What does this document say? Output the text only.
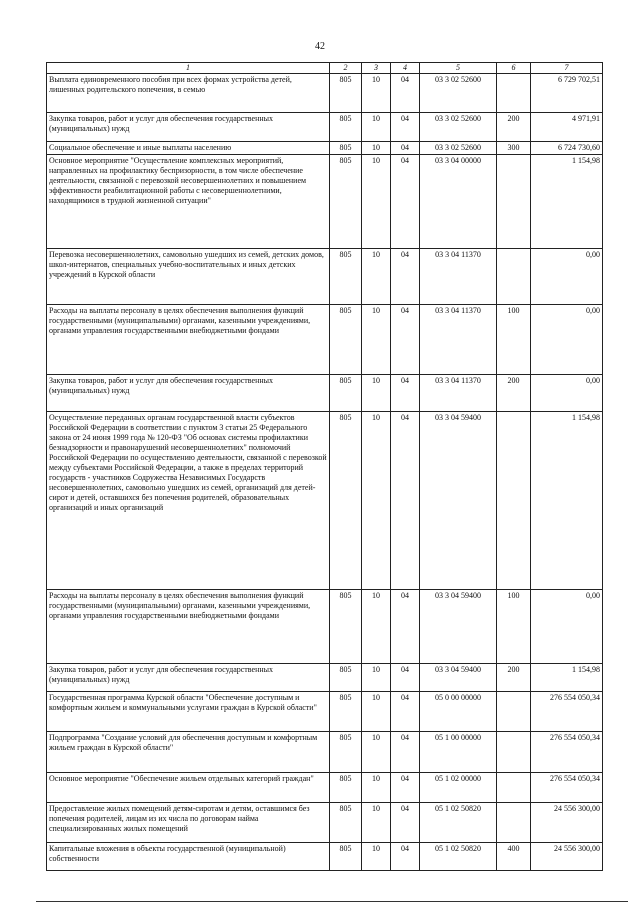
42
1	2	3	4	5	6	7
Выплата единовременного пособия при всех формах устройства детей, лишенных родительского попечения, в семью	805	10	04	03 3 02 52600		6 729 702,51
Закупка товаров, работ и услуг для обеспечения государственных (муниципальных) нужд	805	10	04	03 3 02 52600	200	4 971,91
Социальное обеспечение и иные выплаты населению	805	10	04	03 3 02 52600	300	6 724 730,60
Основное мероприятие "Осуществление комплексных мероприятий, направленных на профилактику беспризорности, в том числе обеспечение деятельности, связанной с перевозкой несовершеннолетних и повышением эффективности реабилитационной работы с несовершеннолетними, находящимися в трудной жизненной ситуации"	805	10	04	03 3 04 00000		1 154,98
Перевозка несовершеннолетних, самовольно ушедших из семей, детских домов, школ-интернатов, специальных учебно-воспитательных и иных детских учреждений в Курской области	805	10	04	03 3 04 11370		0,00
Расходы на выплаты персоналу в целях обеспечения выполнения функций государственными (муниципальными) органами, казенными учреждениями, органами управления государственными внебюджетными фондами	805	10	04	03 3 04 11370	100	0,00
Закупка товаров, работ и услуг для обеспечения государственных (муниципальных) нужд	805	10	04	03 3 04 11370	200	0,00
Осуществление переданных органам государственной власти субъектов Российской Федерации в соответствии с пунктом 3 статьи 25 Федерального закона от 24 июня 1999 года № 120-ФЗ "Об основах системы профилактики безнадзорности и правонарушений несовершеннолетних" полномочий Российской Федерации по осуществлению деятельности, связанной с перевозкой между субъектами Российской Федерации, а также в пределах территорий государств - участников Содружества Независимых Государств несовершеннолетних, самовольно ушедших из семей, организаций для детей-сирот и детей, оставшихся без попечения родителей, образовательных организаций и иных организаций	805	10	04	03 3 04 59400		1 154,98
Расходы на выплаты персоналу в целях обеспечения выполнения функций государственными (муниципальными) органами, казенными учреждениями, органами управления государственными внебюджетными фондами	805	10	04	03 3 04 59400	100	0,00
Закупка товаров, работ и услуг для обеспечения государственных (муниципальных) нужд	805	10	04	03 3 04 59400	200	1 154,98
Государственная программа Курской области "Обеспечение доступным и комфортным жильем и коммунальными услугами граждан в Курской области"	805	10	04	05 0 00 00000		276 554 050,34
Подпрограмма "Создание условий для обеспечения доступным и комфортным жильем граждан в Курской области"	805	10	04	05 1 00 00000		276 554 050,34
Основное мероприятие "Обеспечение жильем отдельных категорий граждан"	805	10	04	05 1 02 00000		276 554 050,34
Предоставление жилых помещений детям-сиротам и детям, оставшимся без попечения родителей, лицам из их числа по договорам найма специализированных жилых помещений	805	10	04	05 1 02 50820		24 556 300,00
Капитальные вложения в объекты государственной (муниципальной) собственности	805	10	04	05 1 02 50820	400	24 556 300,00
